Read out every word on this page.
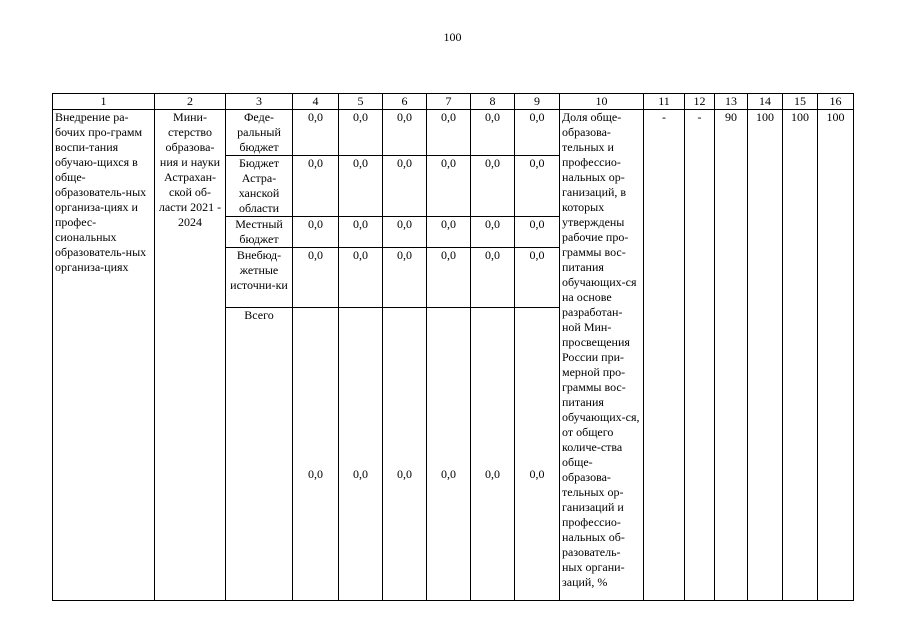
100
1	2	3	4	5	6	7	8	9	10	11	12	13	14	15	16
Внедрение ра-бочих про-грамм воспи-тания обучаю-щихся в обще-образователь-ных организа-циях и профес-сиональных образователь-ных организа-циях	Мини-стерство образова-ния и науки Астрахан-ской об-ласти 2021 - 2024	Феде-ральный бюджет	0,0	0,0	0,0	0,0	0,0	0,0	Доля обще-образова-тельных и профессио-нальных ор-ганизаций, в которых утверждены рабочие про-граммы вос-питания обучающих-ся на основе разработан-ной Мин-просвещения России при-мерной про-граммы вос-питания обучающих-ся, от общего количе-ства обще-образова-тельных ор-ганизаций и профессио-нальных об-разователь-ных органи-заций, %	-	-	90	100	100	100
		Бюджет Астра-ханской области	0,0	0,0	0,0	0,0	0,0	0,0							
		Местный бюджет	0,0	0,0	0,0	0,0	0,0	0,0							
		Внебюд-жетные источни-ки	0,0	0,0	0,0	0,0	0,0	0,0							
		Всего	0,0	0,0	0,0	0,0	0,0	0,0							
